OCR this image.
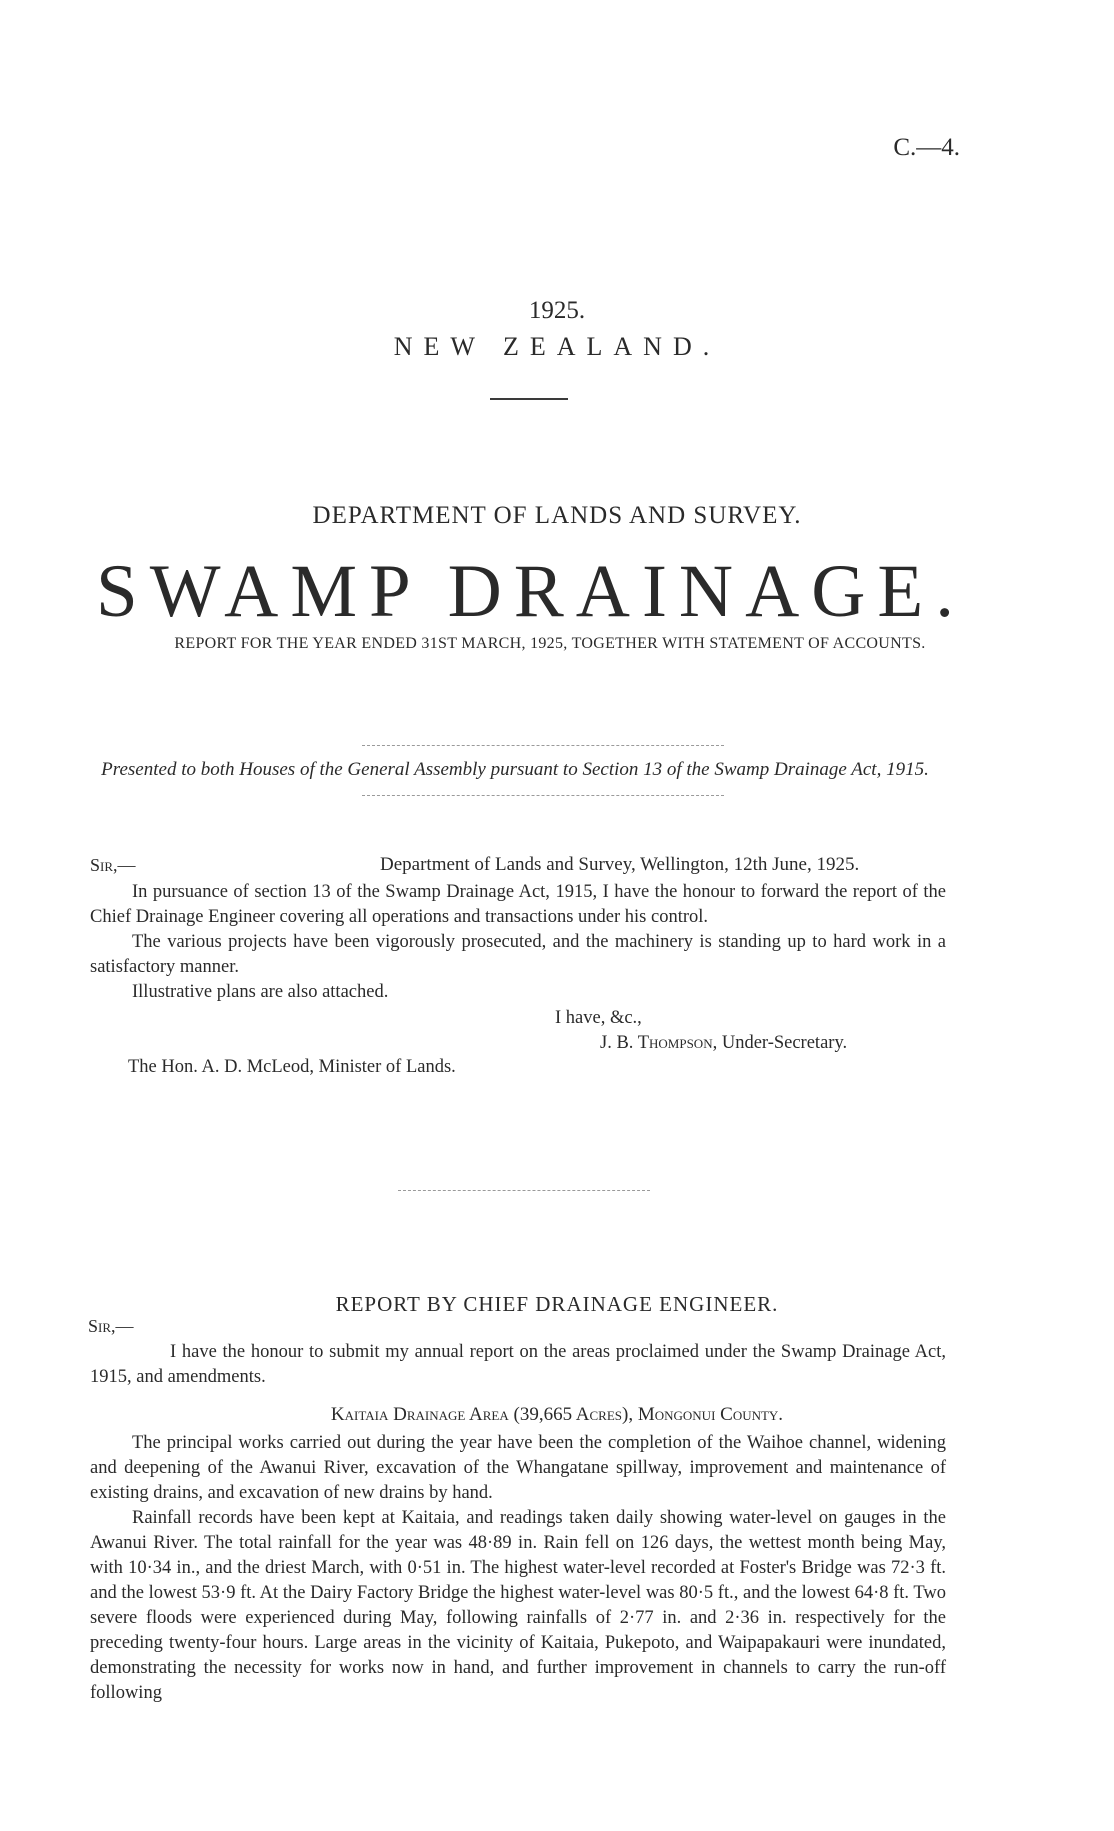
C.—4.
1925.
NEW ZEALAND.
DEPARTMENT OF LANDS AND SURVEY.
SWAMP DRAINAGE.
REPORT FOR THE YEAR ENDED 31ST MARCH, 1925, TOGETHER WITH STATEMENT OF ACCOUNTS.
Presented to both Houses of the General Assembly pursuant to Section 13 of the Swamp Drainage Act, 1915.
Sir,—	Department of Lands and Survey, Wellington, 12th June, 1925.

In pursuance of section 13 of the Swamp Drainage Act, 1915, I have the honour to forward the report of the Chief Drainage Engineer covering all operations and transactions under his control.

The various projects have been vigorously prosecuted, and the machinery is standing up to hard work in a satisfactory manner.

Illustrative plans are also attached.

I have, &c.,
J. B. Thompson, Under-Secretary.
The Hon. A. D. McLeod, Minister of Lands.
REPORT BY CHIEF DRAINAGE ENGINEER.
Sir,—

I have the honour to submit my annual report on the areas proclaimed under the Swamp Drainage Act, 1915, and amendments.

Kaitaia Drainage Area (39,665 Acres), Mongonui County.

The principal works carried out during the year have been the completion of the Waihoe channel, widening and deepening of the Awanui River, excavation of the Whangatane spillway, improvement and maintenance of existing drains, and excavation of new drains by hand.

Rainfall records have been kept at Kaitaia, and readings taken daily showing water-level on gauges in the Awanui River. The total rainfall for the year was 48·89 in. Rain fell on 126 days, the wettest month being May, with 10·34 in., and the driest March, with 0·51 in. The highest water-level recorded at Foster's Bridge was 72·3 ft. and the lowest 53·9 ft. At the Dairy Factory Bridge the highest water-level was 80·5 ft., and the lowest 64·8 ft. Two severe floods were experienced during May, following rainfalls of 2·77 in. and 2·36 in. respectively for the preceding twenty-four hours. Large areas in the vicinity of Kaitaia, Pukepoto, and Waipapakauri were inundated, demonstrating the necessity for works now in hand, and further improvement in channels to carry the run-off following
